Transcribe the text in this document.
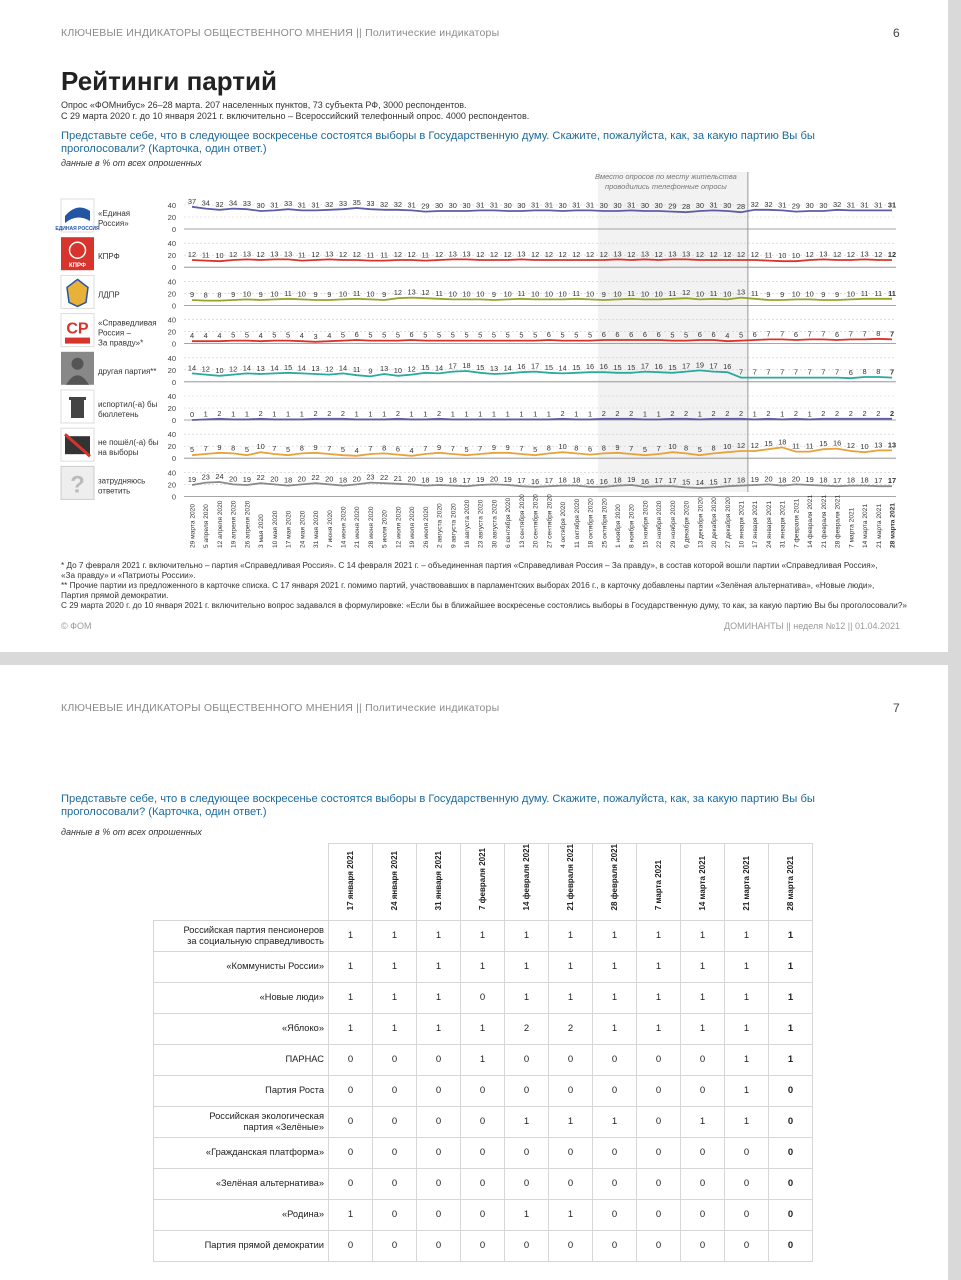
КЛЮЧЕВЫЕ ИНДИКАТОРЫ ОБЩЕСТВЕННОГО МНЕНИЯ || Политические индикаторы	6
Рейтинги партий
Опрос «ФОМнибус» 26–28 марта. 207 населенных пунктов, 73 субъекта РФ, 3000 респондентов.
С 29 марта 2020 г. до 10 января 2021 г. включительно – Всероссийский телефонный опрос. 4000 респондентов.
Представьте себе, что в следующее воскресенье состоятся выборы в Государственную думу. Скажите, пожалуйста, как, за какую партию Вы бы проголосовали? (Карточка, один ответ.)
данные в % от всех опрошенных
Вместо опросов по месту жительства
проводились телефонные опросы
40
20
0
37 34 32 34 33 30 31 33 31 31 32 33 35 33 32 32 31 29 30 30 30 31 31 30 30 31 31 30 31 31 30 30 31 30 30 29 28 30 31 30 28 32 32 31 29 30 30 32 31 31 31 31
«Единая
Россия»
ЕДИНАЯ РОССИЯ
40
20
0
12 11 10 12 13 12 13 13 11 12 13 12 12 11 11 12 12 11 12 13 13 12 12 12 13 12 12 12 12 12 12 13 12 13 12 13 13 12 12 12 12 12 11 10 10 12 13 12 12 13 12 12
КПРФ
КПРФ
40
20
0
9 8 8 9 10 9 10 11 10 9 9 10 11 10 9 12 13 12 11 10 10 10 9 10 11 10 10 10 11 10 9 10 11 10 10 11 12 10 11 10 13 11 9 9 10 10 9 9 10 11 11 11
ЛДПР
40
20
0
4 4 4 5 5 4 5 5 4 3 4 5 6 5 5 5 6 5 5 5 5 5 5 5 5 5 6 5 5 5 6 6 6 6 6 5 5 6 6 4 5 6 7 7 6 7 7 6 7 7 8 7
«Справедливая
Россия –
За правду»*
СР
40
20
0
14 12 10 12 14 13 14 15 14 13 12 14 11 9 13 10 12 15 14 17 18 15 13 14 16 17 15 14 15 16 16 15 15 17 16 15 17 19 17 16
7 7 7 7 7 7 7 7 6 8 8 7
другая партия**
40
20
0
0 1 2 1 1 2 1 1 1 2 2 2 1 1 1 2 1 1 2 1 1 1 1 1 1 1 1 2 1 1 2 2 2 1 1 2 2 1 2 2 2 1 2 1 2 1 2 2 2 2 2 2
испортил(-а) бы
бюллетень
40
20
0
5 7 9 8 5 10 7 5 8 9 7 5 4 7 8 6 4 7 9 7 5 7 9 9 7 5 8 10 8 6 8 9 7 5 7 10 8 5 8 10 12 12 15 18 11 11 15 16 12 10 13 13
не пошёл(-а) бы
на выборы
40
20
0
19 23 24 20 19 22 20 18 20 22 20 18 20 23 22 21 20 18 19 18 17 19 20 19 17 16 17 18 18 16 16 18 19 16 17 17 15 14 15 17 18 19 20 18 20 19 18 17 18 18 17 17
затрудняюсь
ответить
?
29 марта 2020 5 апреля 2020 12 апреля 2020 19 апреля 2020 26 апреля 2020 3 мая 2020 10 мая 2020 17 мая 2020 24 мая 2020 31 мая 2020 7 июня 2020 14 июня 2020 21 июня 2020 28 июня 2020 5 июля 2020 12 июля 2020 19 июля 2020 26 июля 2020 2 августа 2020 9 августа 2020 16 августа 2020 23 августа 2020 30 августа 2020 6 сентября 2020 13 сентября 2020 20 сентября 2020 27 сентября 2020 4 октября 2020 11 октября 2020 18 октября 2020 25 октября 2020 1 ноября 2020 8 ноября 2020 15 ноября 2020 22 ноября 2020 29 ноября 2020 6 декабря 2020 13 декабря 2020 20 декабря 2020 27 декабря 2020 10 января 2021 17 января 2021 24 января 2021 31 января 2021 7 февраля 2021 14 февраля 2021 21 февраля 2021 28 февраля 2021 7 марта 2021 14 марта 2021 21 марта 2021 28 марта 2021
* До 7 февраля 2021 г. включительно – партия «Справедливая Россия». С 14 февраля 2021 г. – объединенная партия «Справедливая Россия – За правду», в состав которой вошли партии «Справедливая Россия»,
«За правду» и «Патриоты России».
** Прочие партии из предложенного в карточке списка. С 17 января 2021 г. помимо партий, участвовавших в парламентских выборах 2016 г., в карточку добавлены партии «Зелёная альтернатива», «Новые люди»,
Партия прямой демократии.
С 29 марта 2020 г. до 10 января 2021 г. включительно вопрос задавался в формулировке: «Если бы в ближайшее воскресенье состоялись выборы в Государственную думу, то как, за какую партию Вы бы проголосовали?»
© ФОМ	ДОМИНАНТЫ || неделя №12 || 01.04.2021
КЛЮЧЕВЫЕ ИНДИКАТОРЫ ОБЩЕСТВЕННОГО МНЕНИЯ || Политические индикаторы	7
Представьте себе, что в следующее воскресенье состоятся выборы в Государственную думу. Скажите, пожалуйста, как, за какую партию Вы бы проголосовали? (Карточка, один ответ.)
данные в % от всех опрошенных
	17 января 2021	24 января 2021	31 января 2021	7 февраля 2021	14 февраля 2021	21 февраля 2021	28 февраля 2021	7 марта 2021	14 марта 2021	21 марта 2021	28 марта 2021
Российская партия пенсионеров
за социальную справедливость	1	1	1	1	1	1	1	1	1	1	1
«Коммунисты России»	1	1	1	1	1	1	1	1	1	1	1
«Новые люди»	1	1	1	0	1	1	1	1	1	1	1
«Яблоко»	1	1	1	1	2	2	1	1	1	1	1
ПАРНАС	0	0	0	1	0	0	0	0	0	1	1
Партия Роста	0	0	0	0	0	0	0	0	0	1	0
Российская экологическая
партия «Зелёные»	0	0	0	0	1	1	1	0	1	1	0
«Гражданская платформа»	0	0	0	0	0	0	0	0	0	0	0
«Зелёная альтернатива»	0	0	0	0	0	0	0	0	0	0	0
«Родина»	1	0	0	0	1	1	0	0	0	0	0
Партия прямой демократии	0	0	0	0	0	0	0	0	0	0	0
